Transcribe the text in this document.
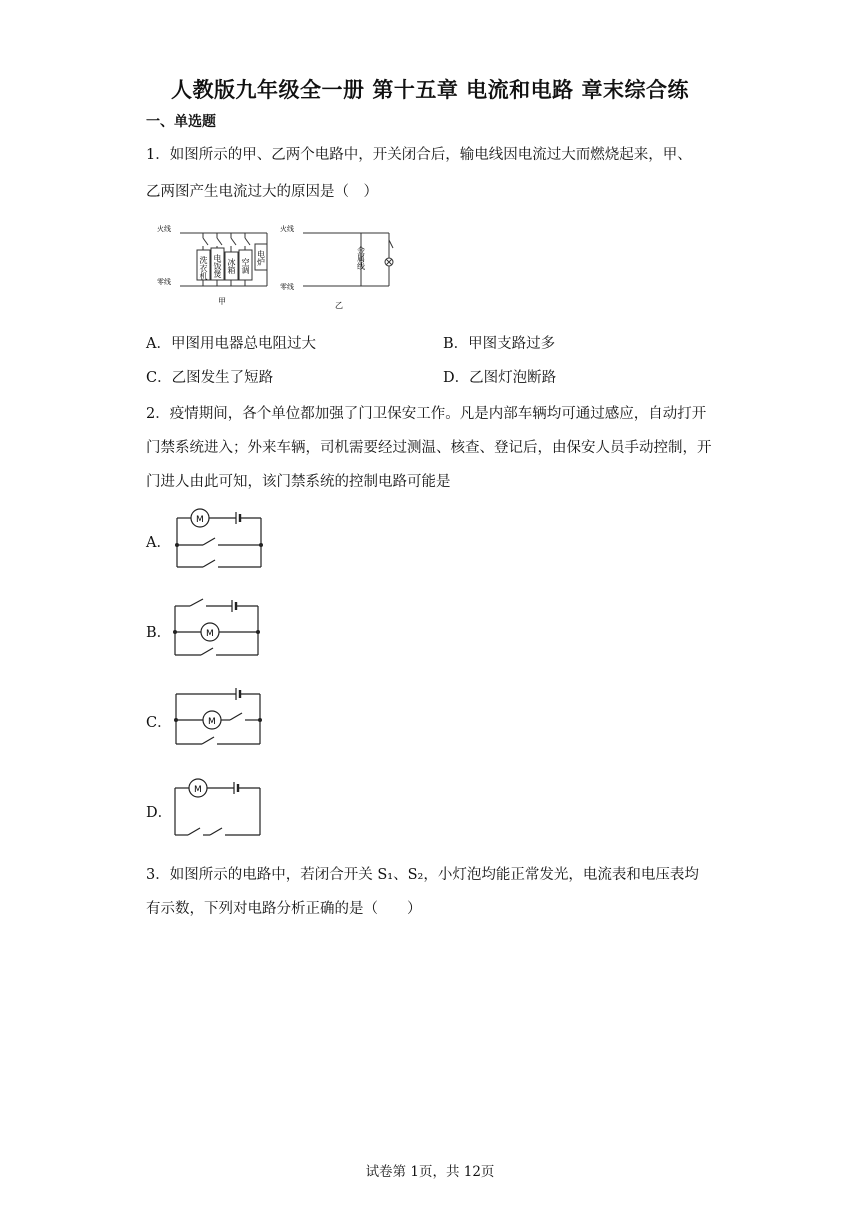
人教版九年级全一册 第十五章 电流和电路 章末综合练
一、单选题
1．如图所示的甲、乙两个电路中，开关闭合后，输电线因电流过大而燃烧起来，甲、
乙两图产生电流过大的原因是（　）
火线
零线
火线
零线
洗衣机 电饭煲 冰箱 空调 电炉	金属线
甲	乙
A．甲图用电器总电阻过大	B．甲图支路过多
C．乙图发生了短路	D．乙图灯泡断路
2．疫情期间，各个单位都加强了门卫保安工作。凡是内部车辆均可通过感应，自动打开
门禁系统进入；外来车辆，司机需要经过测温、核查、登记后，由保安人员手动控制，开
门进人由此可知，该门禁系统的控制电路可能是
A．
B．
C．
D．
M
M
M
M
3．如图所示的电路中，若闭合开关 S₁、S₂，小灯泡均能正常发光，电流表和电压表均
有示数，下列对电路分析正确的是（　　）
试卷第 1页，共 12页
